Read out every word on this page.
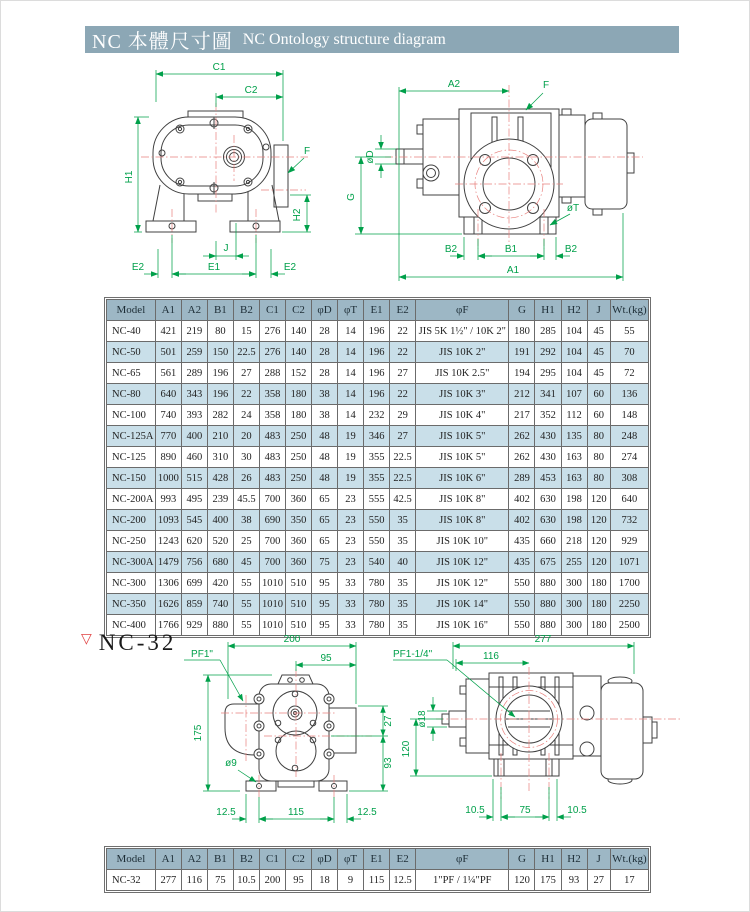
NC 本體尺寸圖 NC Ontology structure diagram
C1
C2
H1
H2
F
J
E2	E1	E2
A2	F
øD
G
øT
B2	B1	B2
A1
Model	A1	A2	B1	B2	C1	C2	φD	φT	E1	E2	φF	G	H1	H2	J	Wt.(kg)
NC-40	421	219	80	15	276	140	28	14	196	22	JIS 5K 1½" / 10K 2"	180	285	104	45	55
NC-50	501	259	150	22.5	276	140	28	14	196	22	JIS 10K 2"	191	292	104	45	70
NC-65	561	289	196	27	288	152	28	14	196	27	JIS 10K 2.5"	194	295	104	45	72
NC-80	640	343	196	22	358	180	38	14	196	22	JIS 10K 3"	212	341	107	60	136
NC-100	740	393	282	24	358	180	38	14	232	29	JIS 10K 4"	217	352	112	60	148
NC-125A	770	400	210	20	483	250	48	19	346	27	JIS 10K 5"	262	430	135	80	248
NC-125	890	460	310	30	483	250	48	19	355	22.5	JIS 10K 5"	262	430	163	80	274
NC-150	1000	515	428	26	483	250	48	19	355	22.5	JIS 10K 6"	289	453	163	80	308
NC-200A	993	495	239	45.5	700	360	65	23	555	42.5	JIS 10K 8"	402	630	198	120	640
NC-200	1093	545	400	38	690	350	65	23	550	35	JIS 10K 8"	402	630	198	120	732
NC-250	1243	620	520	25	700	360	65	23	550	35	JIS 10K 10"	435	660	218	120	929
NC-300A	1479	756	680	45	700	360	75	23	540	40	JIS 10K 12"	435	675	255	120	1071
NC-300	1306	699	420	55	1010	510	95	33	780	35	JIS 10K 12"	550	880	300	180	1700
NC-350	1626	859	740	55	1010	510	95	33	780	35	JIS 10K 14"	550	880	300	180	2250
NC-400	1766	929	880	55	1010	510	95	33	780	35	JIS 10K 16"	550	880	300	180	2500
▽ NC-32	200
95
PF1"
175
27
93
ø9
12.5	115	12.5
277
116
PF1-1/4"
ø18
120
10.5	75	10.5
Model	A1	A2	B1	B2	C1	C2	φD	φT	E1	E2	φF	G	H1	H2	J	Wt.(kg)
NC-32	277	116	75	10.5	200	95	18	9	115	12.5	1"PF / 1¼"PF	120	175	93	27	17
